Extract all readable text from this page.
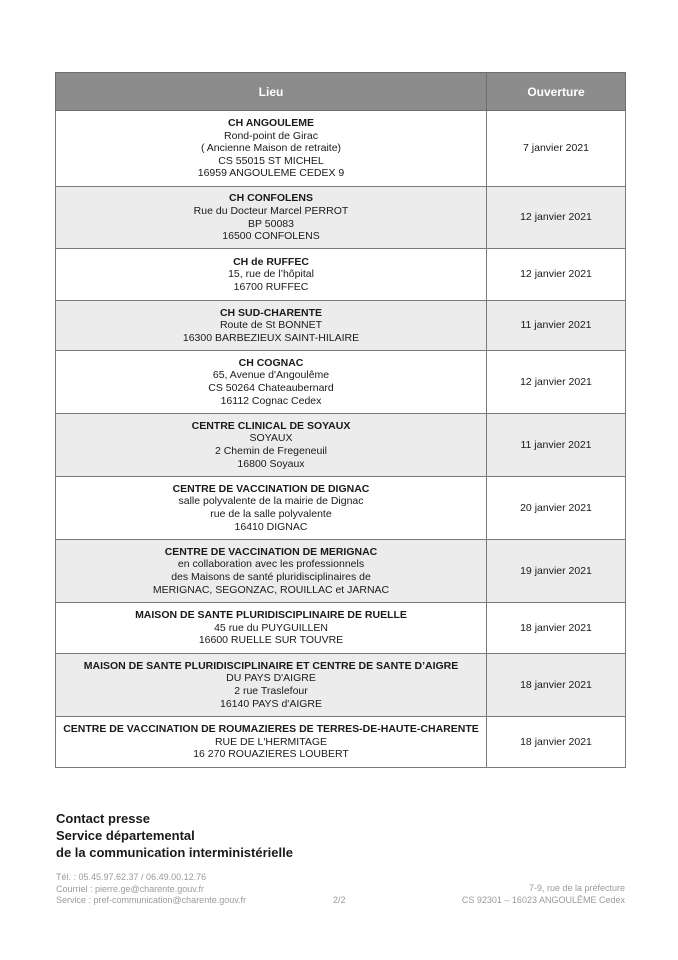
Lieu	Ouverture

CH ANGOULEME
Rond-point de Girac
( Ancienne Maison de retraite)
CS 55015 ST MICHEL
16959 ANGOULEME CEDEX 9	7 janvier 2021

CH CONFOLENS
Rue du Docteur Marcel PERROT
BP 50083
16500 CONFOLENS	12 janvier 2021

CH de RUFFEC
15, rue de l’hôpital
16700 RUFFEC	12 janvier 2021

CH SUD-CHARENTE
Route de St BONNET
16300 BARBEZIEUX SAINT-HILAIRE	11 janvier 2021

CH COGNAC
65, Avenue d'Angoulême
CS 50264 Chateaubernard
16112 Cognac Cedex	12 janvier 2021

CENTRE CLINICAL DE SOYAUX
SOYAUX
2 Chemin de Fregeneuil
16800 Soyaux	11 janvier 2021

CENTRE DE VACCINATION DE DIGNAC
salle polyvalente de la mairie de Dignac
rue de la salle polyvalente
16410 DIGNAC	20 janvier 2021

CENTRE DE VACCINATION DE MERIGNAC
en collaboration avec les professionnels
des Maisons de santé pluridisciplinaires de
MERIGNAC, SEGONZAC, ROUILLAC et JARNAC	19 janvier 2021

MAISON DE SANTE PLURIDISCIPLINAIRE DE RUELLE
45 rue du PUYGUILLEN
16600 RUELLE SUR TOUVRE	18 janvier 2021

MAISON DE SANTE PLURIDISCIPLINAIRE ET CENTRE DE SANTE D’AIGRE
DU PAYS D'AIGRE
2 rue Traslefour
16140 PAYS d'AIGRE	18 janvier 2021

CENTRE DE VACCINATION DE ROUMAZIERES DE TERRES-DE-HAUTE-CHARENTE
RUE DE L'HERMITAGE
16 270 ROUAZIERES LOUBERT	18 janvier 2021
Contact presse
Service départemental
de la communication interministérielle
Tél. : 05.45.97.62.37 / 06.49.00.12.76
Courriel : pierre.ge@charente.gouv.fr
Service : pref-communication@charente.gouv.fr	2/2
7-9, rue de la préfecture
CS 92301 – 16023 ANGOULÊME Cedex
